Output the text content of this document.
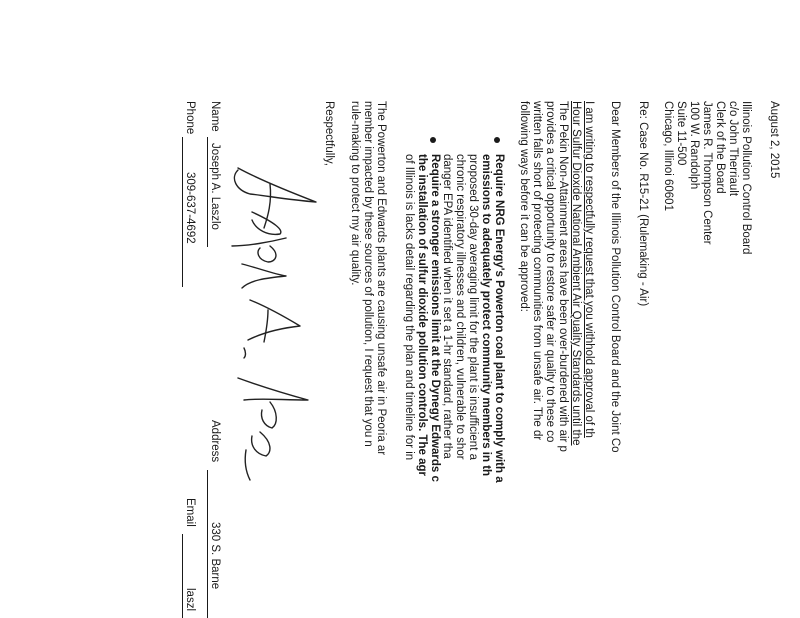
August 2, 2015
Illinois Pollution Control Board
c/o John Therriault
Clerk of the Board
James R. Thompson Center
100 W. Randolph
Suite 11-500
Chicago, Illinoi 60601
Re: Case No. R15-21 (Rulemaking - Air)
Dear Members of the Illinois Pollution Control Board and the Joint Co
I am writing to respectfully request that you withhold approval of th
Hour Sulfur Dioxide National Ambient Air Quality Standards until the
The Pekin Non-Attainment areas have been over-burdened with air p
provides a critical opportunity to restore safer air quality to these co
written falls short of protecting communities from unsafe air. The dr
following ways before it can be approved:
Require NRG Energy's Powerton coal plant to comply with a
emissions to adequately protect community members in th
proposed 30-day averaging limit for the plant is insufficient a
chronic respiratory illnesses and children, vulnerable to shor
danger EPA identified when it set a 1-hr standard, rather tha
Require a stronger emissions limit at the Dynegy Edwards c
the installation of sulfur dioxide pollution controls. The agr
of Illinois is lacks detail regarding the plan and timeline for in
The Powerton and Edwards plants are causing unsafe air in Peoria ar
member impacted by these sources of pollution, I request that you n
rule-making to protect my air quality.
Respectfully,
Name
Joseph A. Laszlo
Address
330 S. Barne
Phone
309-637-4692
Email
laszl
